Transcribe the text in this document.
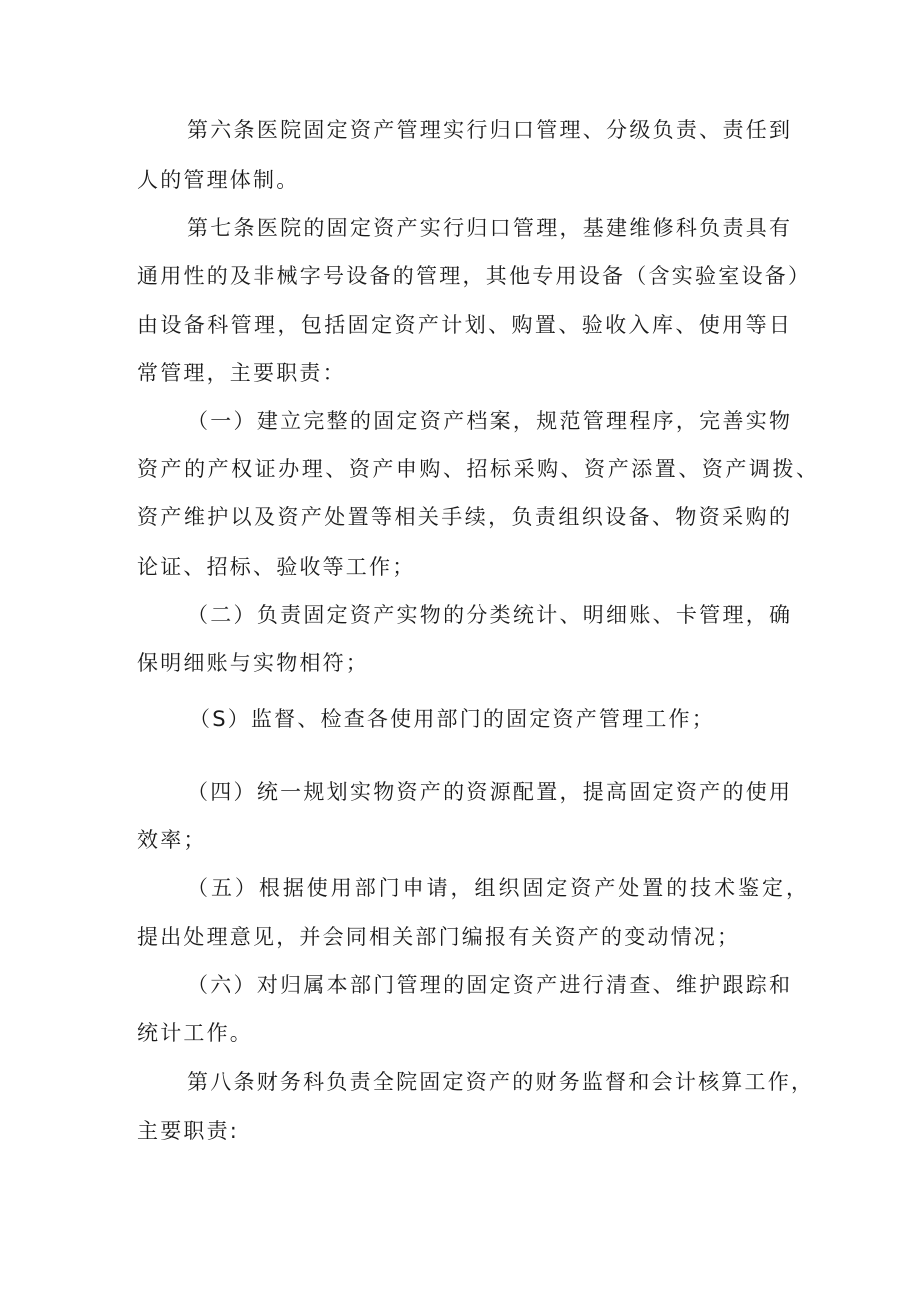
第六条医院固定资产管理实行归口管理、分级负责、责任到
人的管理体制。
第七条医院的固定资产实行归口管理，基建维修科负责具有
通用性的及非械字号设备的管理，其他专用设备（含实验室设备）
由设备科管理，包括固定资产计划、购置、验收入库、使用等日
常管理，主要职责：
（一）建立完整的固定资产档案，规范管理程序，完善实物
资产的产权证办理、资产申购、招标采购、资产添置、资产调拨、
资产维护以及资产处置等相关手续，负责组织设备、物资采购的
论证、招标、验收等工作；
（二）负责固定资产实物的分类统计、明细账、卡管理，确
保明细账与实物相符；
（S）监督、检查各使用部门的固定资产管理工作；
（四）统一规划实物资产的资源配置，提高固定资产的使用
效率；
（五）根据使用部门申请，组织固定资产处置的技术鉴定，
提出处理意见，并会同相关部门编报有关资产的变动情况；
（六）对归属本部门管理的固定资产进行清查、维护跟踪和
统计工作。
第八条财务科负责全院固定资产的财务监督和会计核算工作，
主要职责:
